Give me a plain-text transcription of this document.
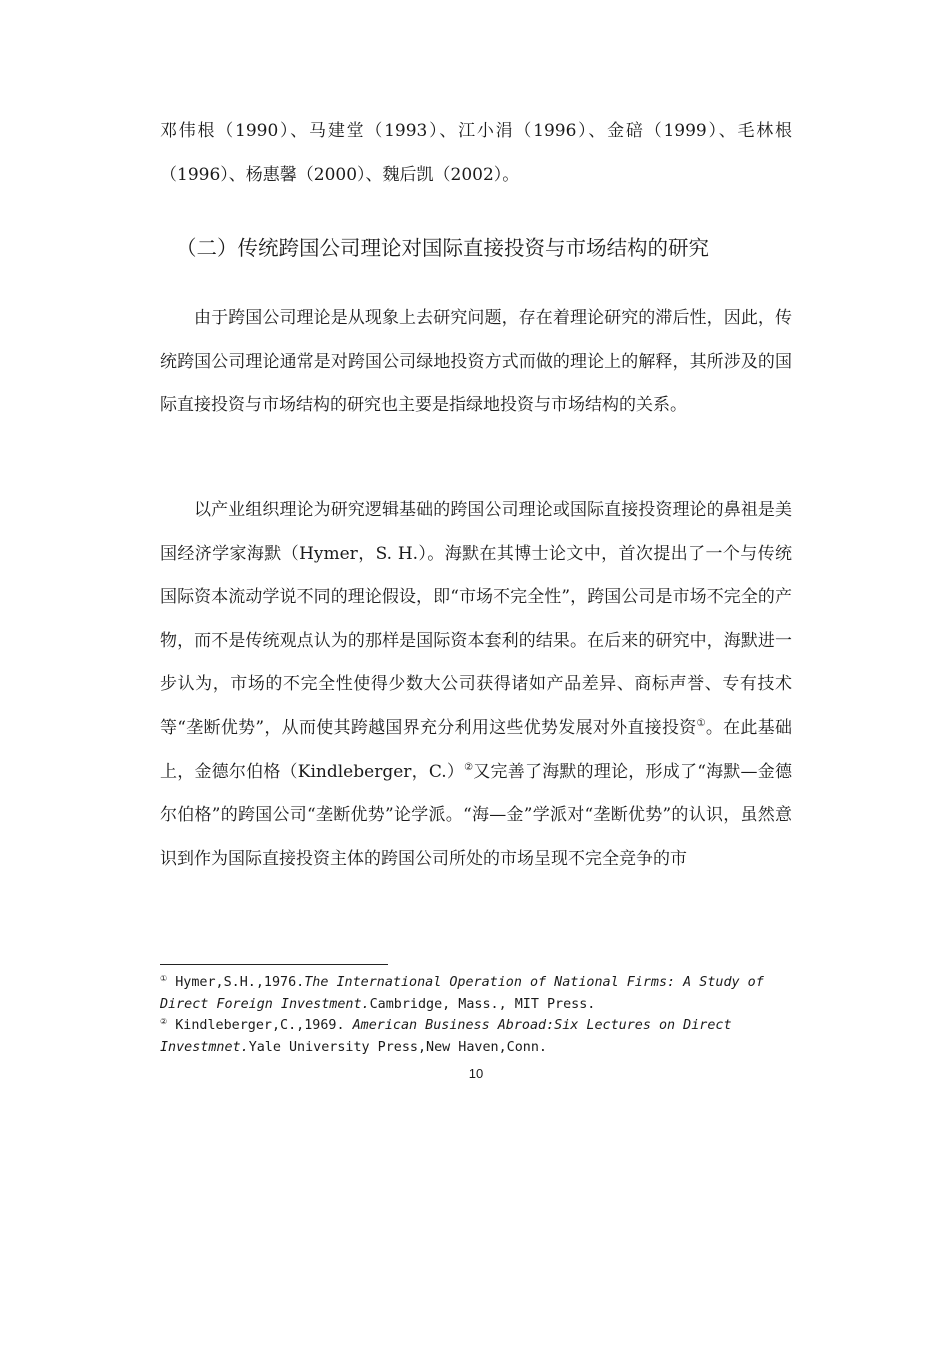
邓伟根（1990）、马建堂（1993）、江小涓（1996）、金碚（1999）、毛林根（1996）、杨惠馨（2000）、魏后凯（2002）。

（二）传统跨国公司理论对国际直接投资与市场结构的研究

由于跨国公司理论是从现象上去研究问题，存在着理论研究的滞后性，因此，传统跨国公司理论通常是对跨国公司绿地投资方式而做的理论上的解释，其所涉及的国际直接投资与市场结构的研究也主要是指绿地投资与市场结构的关系。

以产业组织理论为研究逻辑基础的跨国公司理论或国际直接投资理论的鼻祖是美国经济学家海默（Hymer，S. H.）。海默在其博士论文中，首次提出了一个与传统国际资本流动学说不同的理论假设，即“市场不完全性”，跨国公司是市场不完全的产物，而不是传统观点认为的那样是国际资本套利的结果。在后来的研究中，海默进一步认为，市场的不完全性使得少数大公司获得诸如产品差异、商标声誉、专有技术等“垄断优势”，从而使其跨越国界充分利用这些优势发展对外直接投资①。在此基础上，金德尔伯格（Kindleberger，C.）②又完善了海默的理论，形成了“海默—金德尔伯格”的跨国公司“垄断优势”论学派。“海—金”学派对“垄断优势”的认识，虽然意识到作为国际直接投资主体的跨国公司所处的市场呈现不完全竞争的市

① Hymer,S.H.,1976.The International Operation of National Firms: A Study of Direct Foreign Investment.Cambridge, Mass., MIT Press.

② Kindleberger,C.,1969. American Business Abroad:Six Lectures on Direct Investmnet.Yale University Press,New Haven,Conn.

10
